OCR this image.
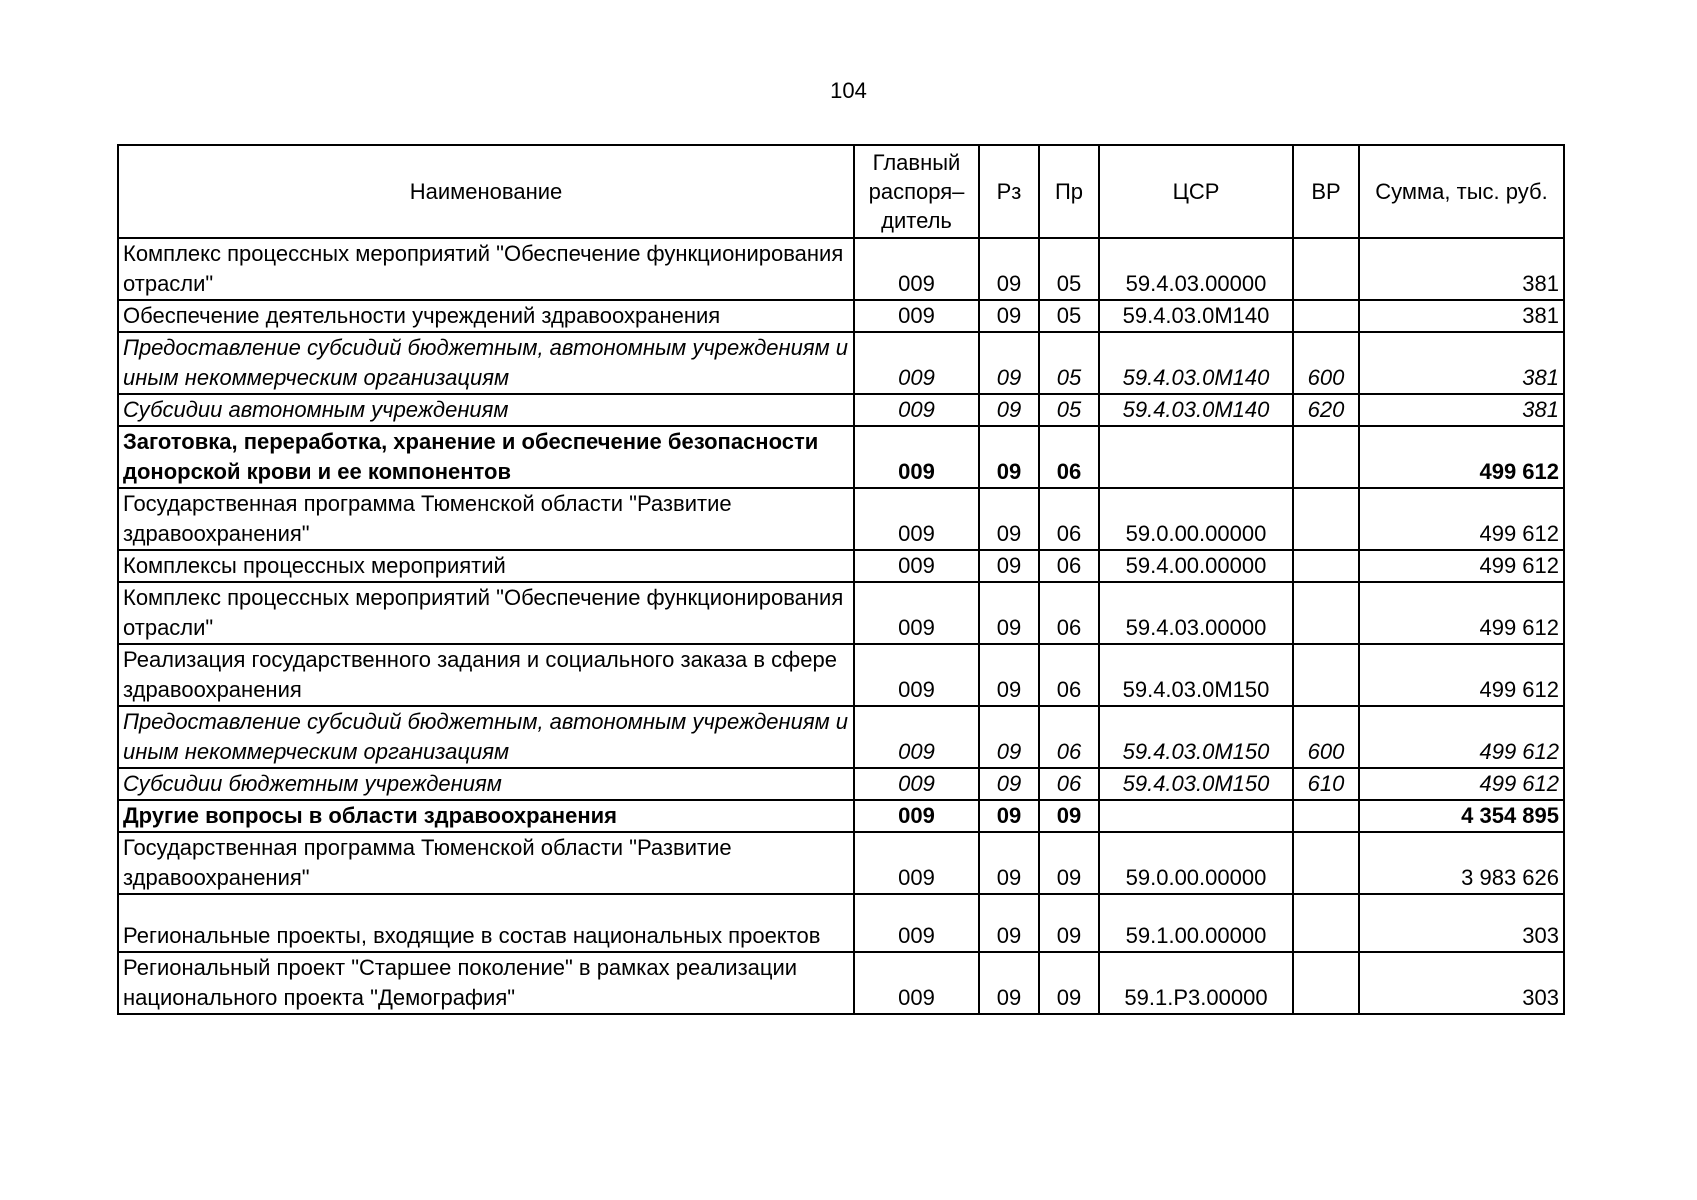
104
Наименование	Главный распоря– дитель	Рз	Пр	ЦСР	ВР	Сумма, тыс. руб.
Комплекс процессных мероприятий "Обеспечение функционирования отрасли"	009	09	05	59.4.03.00000		381
Обеспечение деятельности учреждений здравоохранения	009	09	05	59.4.03.0М140		381
Предоставление субсидий бюджетным, автономным учреждениям и иным некоммерческим организациям	009	09	05	59.4.03.0М140	600	381
Субсидии автономным учреждениям	009	09	05	59.4.03.0М140	620	381
Заготовка, переработка, хранение и обеспечение безопасности донорской крови и ее компонентов	009	09	06			499 612
Государственная программа Тюменской области "Развитие здравоохранения"	009	09	06	59.0.00.00000		499 612
Комплексы процессных мероприятий	009	09	06	59.4.00.00000		499 612
Комплекс процессных мероприятий "Обеспечение функционирования отрасли"	009	09	06	59.4.03.00000		499 612
Реализация государственного задания и социального заказа в сфере здравоохранения	009	09	06	59.4.03.0М150		499 612
Предоставление субсидий бюджетным, автономным учреждениям и иным некоммерческим организациям	009	09	06	59.4.03.0М150	600	499 612
Субсидии бюджетным учреждениям	009	09	06	59.4.03.0М150	610	499 612
Другие вопросы в области здравоохранения	009	09	09			4 354 895
Государственная программа Тюменской области "Развитие здравоохранения"	009	09	09	59.0.00.00000		3 983 626
Региональные проекты, входящие в состав национальных проектов	009	09	09	59.1.00.00000		303
Региональный проект "Старшее поколение" в рамках реализации национального проекта "Демография"	009	09	09	59.1.Р3.00000		303
